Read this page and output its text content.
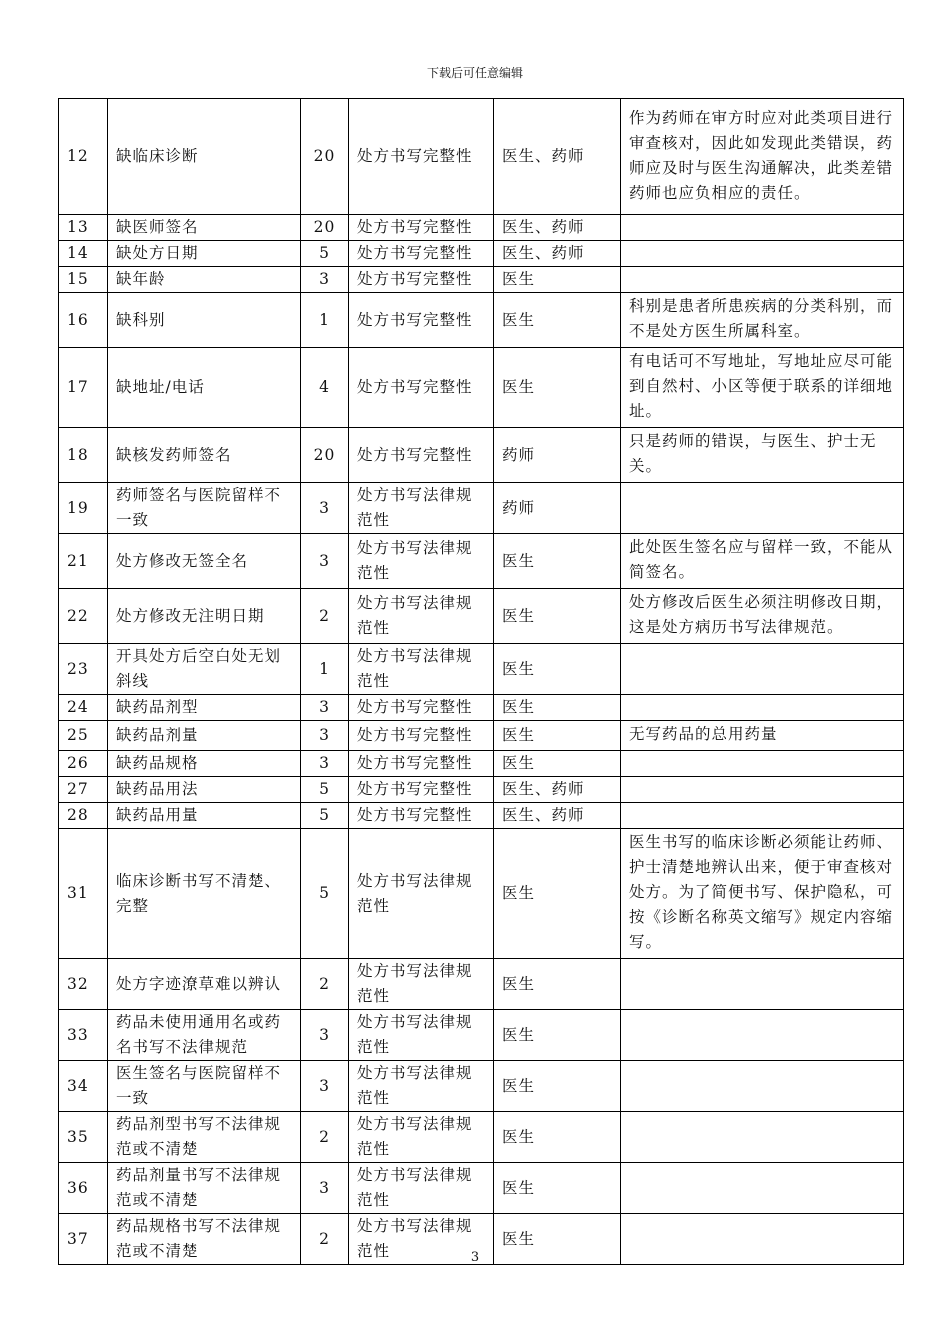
下载后可任意编辑
12	缺临床诊断	20	处方书写完整性	医生、药师	作为药师在审方时应对此类项目进行审查核对，因此如发现此类错误，药师应及时与医生沟通解决，此类差错药师也应负相应的责任。
13	缺医师签名	20	处方书写完整性	医生、药师	
14	缺处方日期	5	处方书写完整性	医生、药师	
15	缺年龄	3	处方书写完整性	医生	
16	缺科别	1	处方书写完整性	医生	科别是患者所患疾病的分类科别，而不是处方医生所属科室。
17	缺地址/电话	4	处方书写完整性	医生	有电话可不写地址，写地址应尽可能到自然村、小区等便于联系的详细地址。
18	缺核发药师签名	20	处方书写完整性	药师	只是药师的错误，与医生、护士无关。
19	药师签名与医院留样不一致	3	处方书写法律规范性	药师	
21	处方修改无签全名	3	处方书写法律规范性	医生	此处医生签名应与留样一致，不能从简签名。
22	处方修改无注明日期	2	处方书写法律规范性	医生	处方修改后医生必须注明修改日期，这是处方病历书写法律规范。
23	开具处方后空白处无划斜线	1	处方书写法律规范性	医生	
24	缺药品剂型	3	处方书写完整性	医生	
25	缺药品剂量	3	处方书写完整性	医生	无写药品的总用药量
26	缺药品规格	3	处方书写完整性	医生	
27	缺药品用法	5	处方书写完整性	医生、药师	
28	缺药品用量	5	处方书写完整性	医生、药师	
31	临床诊断书写不清楚、完整	5	处方书写法律规范性	医生	医生书写的临床诊断必须能让药师、护士清楚地辨认出来，便于审查核对处方。为了简便书写、保护隐私，可按《诊断名称英文缩写》规定内容缩写。
32	处方字迹潦草难以辨认	2	处方书写法律规范性	医生	
33	药品未使用通用名或药名书写不法律规范	3	处方书写法律规范性	医生	
34	医生签名与医院留样不一致	3	处方书写法律规范性	医生	
35	药品剂型书写不法律规范或不清楚	2	处方书写法律规范性	医生	
36	药品剂量书写不法律规范或不清楚	3	处方书写法律规范性	医生	
37	药品规格书写不法律规范或不清楚	2	处方书写法律规范性	医生	
3
